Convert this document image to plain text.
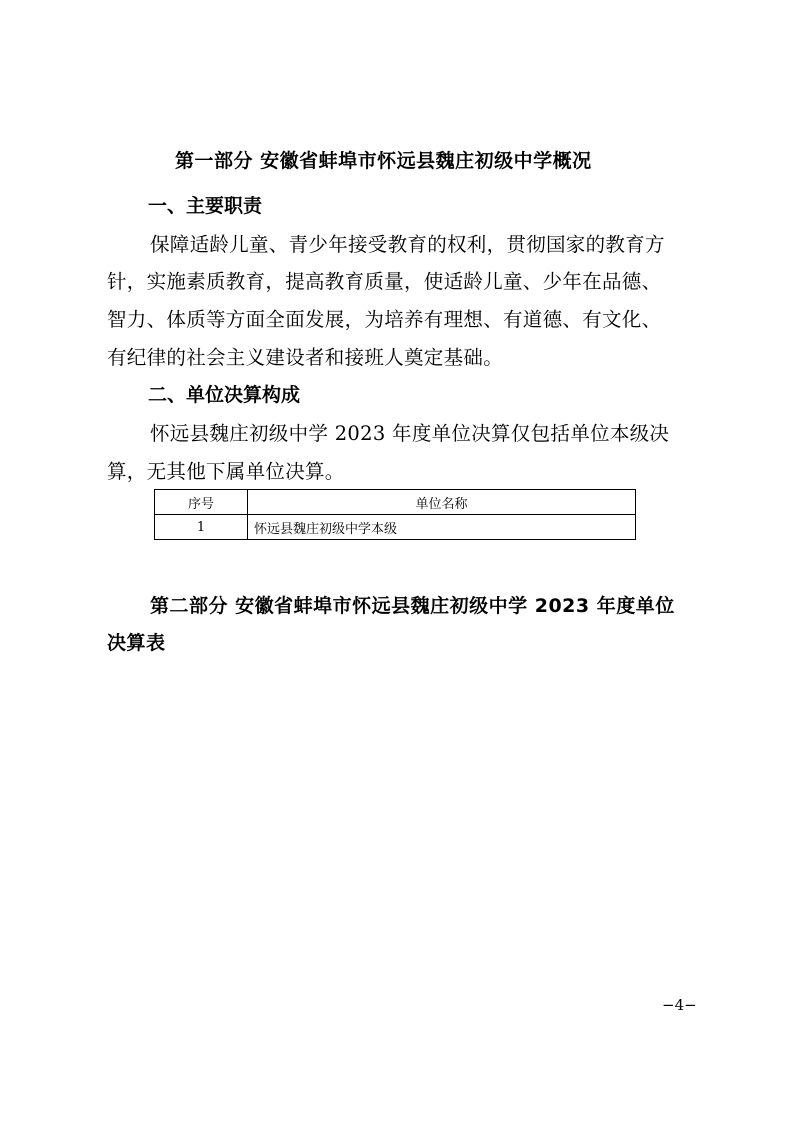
第一部分 安徽省蚌埠市怀远县魏庄初级中学概况
一、主要职责
保障适龄儿童、青少年接受教育的权利，贯彻国家的教育方
针，实施素质教育，提高教育质量，使适龄儿童、少年在品德、
智力、体质等方面全面发展，为培养有理想、有道德、有文化、
有纪律的社会主义建设者和接班人奠定基础。
二、单位决算构成
怀远县魏庄初级中学 2023 年度单位决算仅包括单位本级决
算，无其他下属单位决算。
序号	单位名称
1	怀远县魏庄初级中学本级
第二部分 安徽省蚌埠市怀远县魏庄初级中学 2023 年度单位
决算表
−4−
